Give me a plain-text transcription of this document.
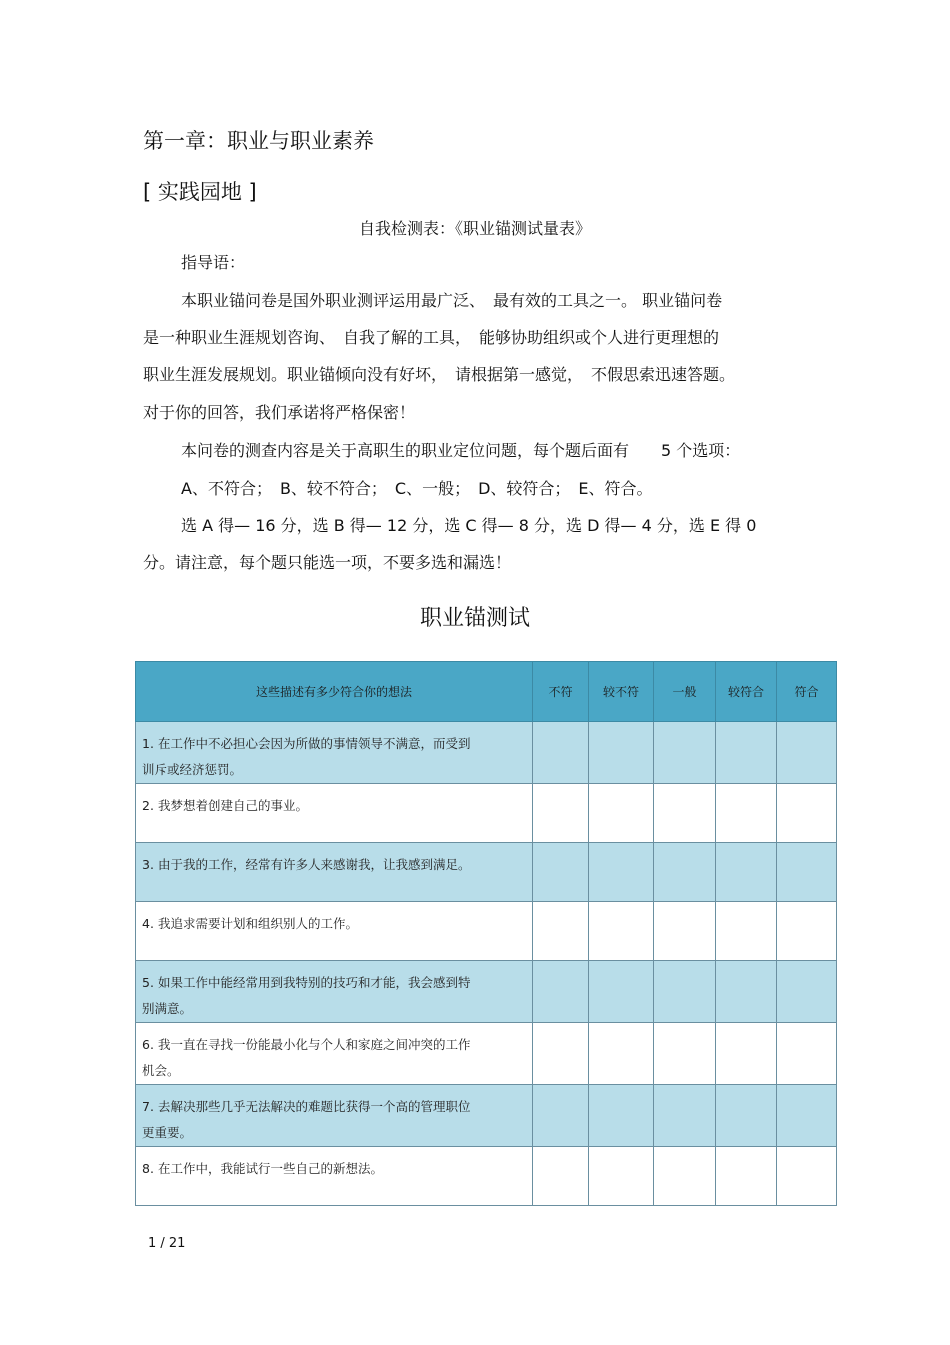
第一章：职业与职业素养
[ 实践园地 ]
自我检测表：《职业锚测试量表》
指导语：
本职业锚问卷是国外职业测评运用最广泛、　最有效的工具之一。 职业锚问卷
是一种职业生涯规划咨询、　自我了解的工具，　能够协助组织或个人进行更理想的
职业生涯发展规划。职业锚倾向没有好坏，　请根据第一感觉，　不假思索迅速答题。
对于你的回答，我们承诺将严格保密！
本问卷的测查内容是关于高职生的职业定位问题，每个题后面有　　5 个选项：
A、不符合；　B、较不符合；　C、一般；　D、较符合；　E、符合。
选 A 得— 16 分，选 B 得— 12 分，选 C 得— 8 分，选 D 得— 4 分，选 E 得 0
分。请注意，每个题只能选一项，不要多选和漏选！
职业锚测试
这些描述有多少符合你的想法	不符	较不符	一般	较符合	符合
1. 在工作中不必担心会因为所做的事情领导不满意，而受到
训斥或经济惩罚。					
2. 我梦想着创建自己的事业。					
3. 由于我的工作，经常有许多人来感谢我，让我感到满足。					
4. 我追求需要计划和组织别人的工作。					
5. 如果工作中能经常用到我特别的技巧和才能，我会感到特
别满意。					
6. 我一直在寻找一份能最小化与个人和家庭之间冲突的工作
机会。					
7. 去解决那些几乎无法解决的难题比获得一个高的管理职位
更重要。					
8. 在工作中，我能试行一些自己的新想法。					
1 / 21
